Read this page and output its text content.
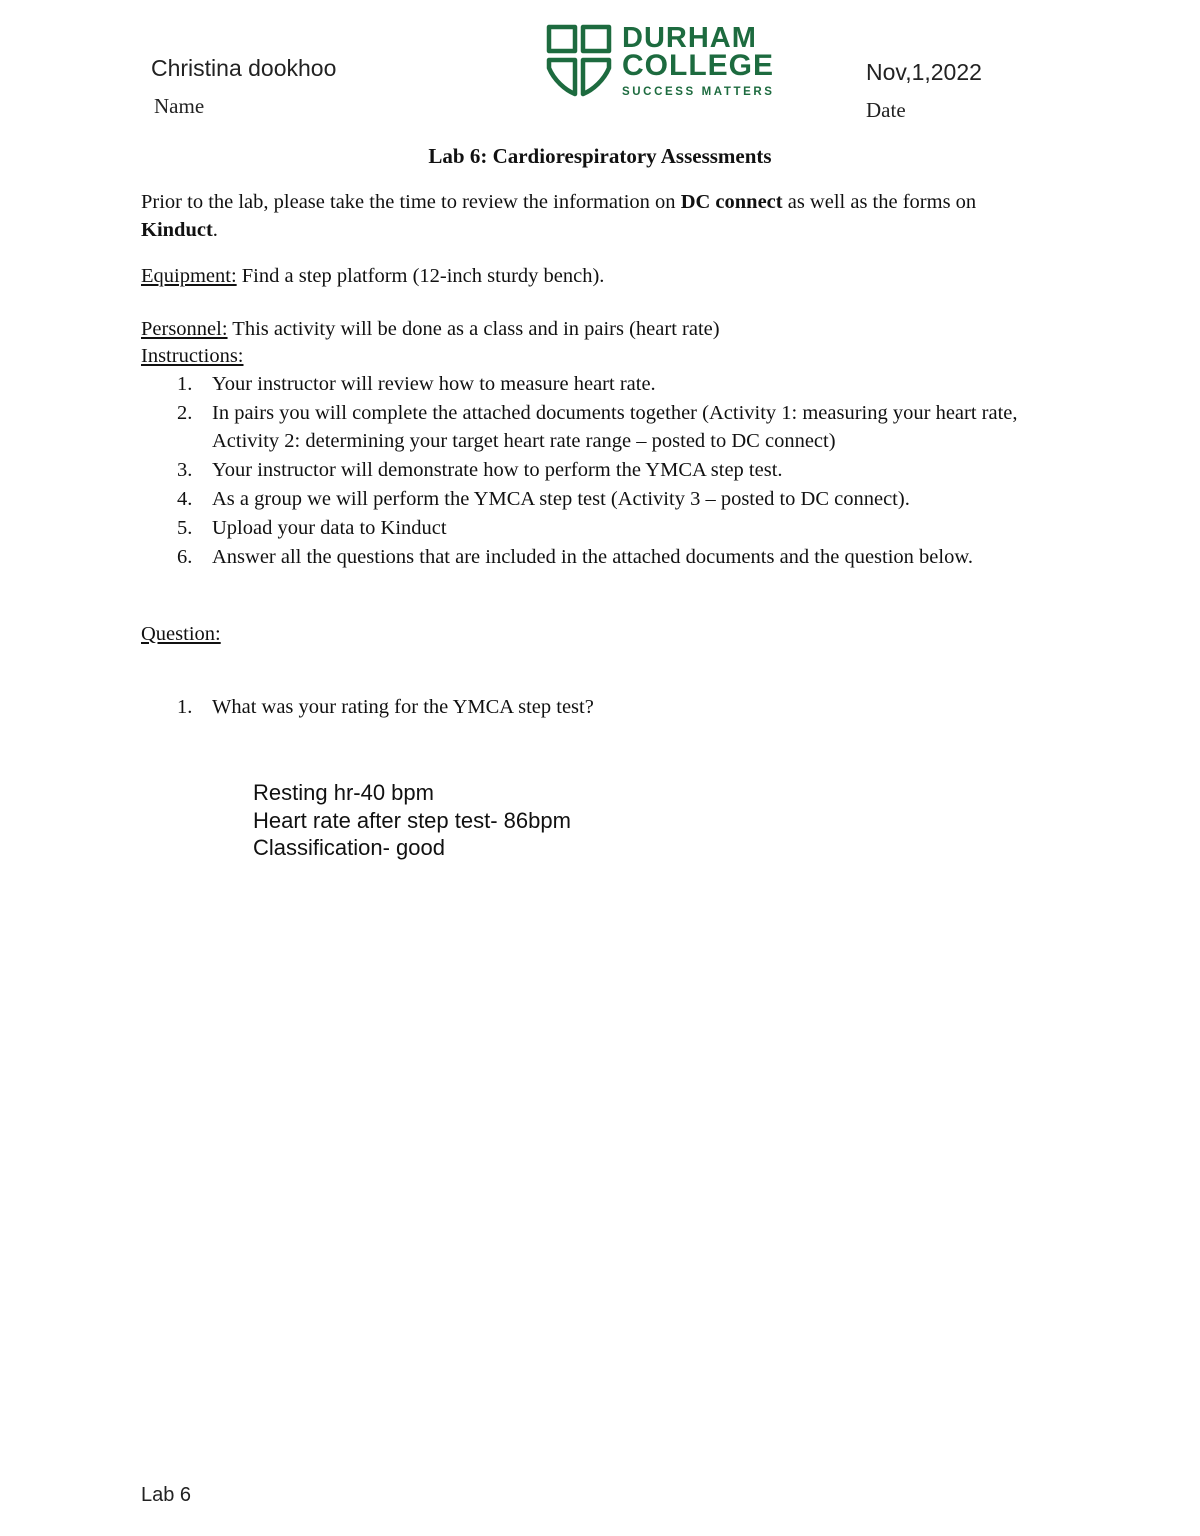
Christina dookhoo
Name
Nov,1,2022
Date
DURHAM
COLLEGE
SUCCESS MATTERS
Lab 6: Cardiorespiratory Assessments
Prior to the lab, please take the time to review the information on DC connect as well as the forms on Kinduct.
Equipment: Find a step platform (12-inch sturdy bench).
Personnel: This activity will be done as a class and in pairs (heart rate)
Instructions:
1. Your instructor will review how to measure heart rate.
2. In pairs you will complete the attached documents together (Activity 1: measuring your heart rate, Activity 2: determining your target heart rate range – posted to DC connect)
3. Your instructor will demonstrate how to perform the YMCA step test.
4. As a group we will perform the YMCA step test (Activity 3 – posted to DC connect).
5. Upload your data to Kinduct
6. Answer all the questions that are included in the attached documents and the question below.
Question:
1. What was your rating for the YMCA step test?
Resting hr-40 bpm
Heart rate after step test- 86bpm
Classification- good
Lab 6
